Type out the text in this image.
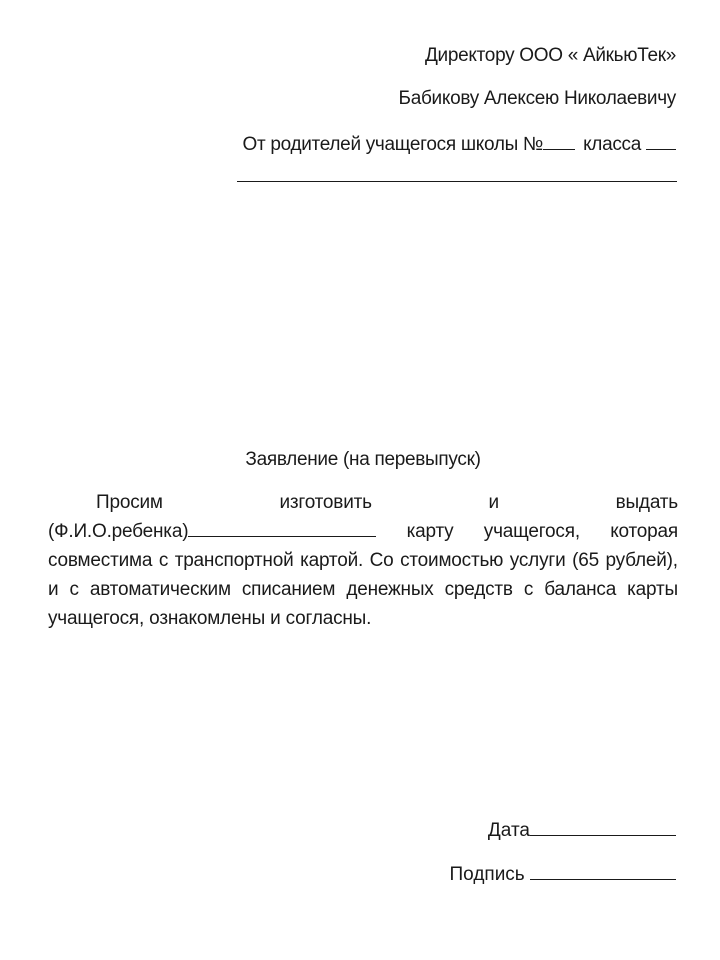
Директору ООО « АйкьюТек»
Бабикову Алексею Николаевичу
От родителей учащегося школы № класса
Заявление (на перевыпуск)
Просим	изготовить	и	выдать
(Ф.И.О.ребенка)	карту учащегося, которая
совместима с транспортной картой. Со стоимостью услуги (65 рублей),
и с автоматическим списанием денежных средств с баланса карты
учащегося, ознакомлены и согласны.
Дата
Подпись
